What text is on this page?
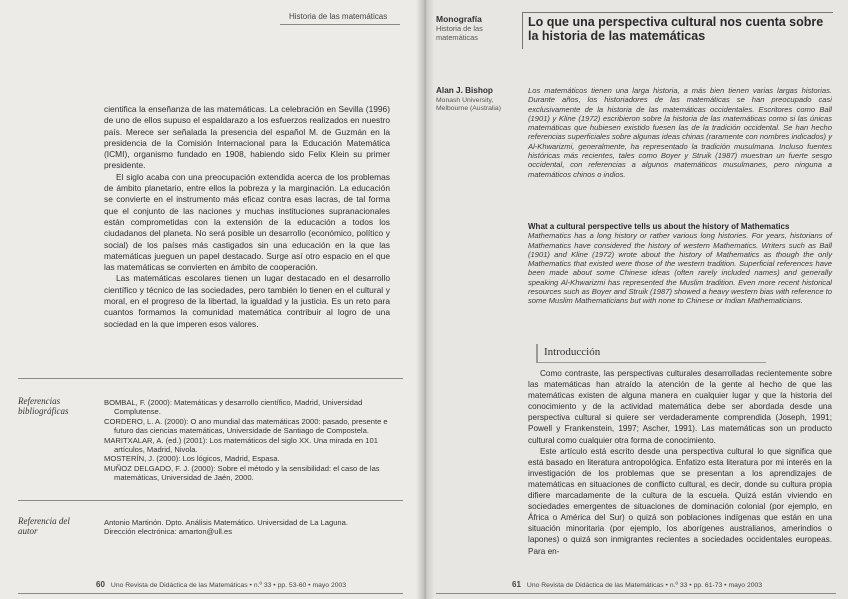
Historia de las matemáticas

cientifica la enseñanza de las matemáticas. La celebración en Sevilla (1996) de uno de ellos supuso el espaldarazo a los esfuerzos realizados en nuestro país. Merece ser señalada la presencia del español M. de Guzmán en la presidencia de la Comisión Internacional para la Educación Matemática (ICMI), organismo fundado en 1908, habiendo sido Felix Klein su primer presidente.

El siglo acaba con una preocupación extendida acerca de los problemas de ámbito planetario, entre ellos la pobreza y la marginación. La educación se convierte en el instrumento más eficaz contra esas lacras, de tal forma que el conjunto de las naciones y muchas instituciones supranacionales están comprometidas con la extensión de la educación a todos los ciudadanos del planeta. No será posible un desarrollo (económico, político y social) de los países más castigados sin una educación en la que las matemáticas jueguen un papel destacado. Surge así otro espacio en el que las matemáticas se convierten en ámbito de cooperación.

Las matemáticas escolares tienen un lugar destacado en el desarrollo científico y técnico de las sociedades, pero también lo tienen en el cultural y moral, en el progreso de la libertad, la igualdad y la justicia. Es un reto para cuantos formamos la comunidad matemática contribuir al logro de una sociedad en la que imperen esos valores.

Referencias bibliográficas

BOMBAL, F. (2000): Matemáticas y desarrollo científico, Madrid, Universidad Complutense.

CORDERO, L. A. (2000): O ano mundial das matemáticas 2000: pasado, presente e futuro das ciencias matemáticas, Universidade de Santiago de Compostela.

MARITXALAR, A. (ed.) (2001): Los matemáticos del siglo XX. Una mirada en 101 artículos, Madrid, Nivola.

MOSTERÍN, J. (2000): Los lógicos, Madrid, Espasa.

MUÑOZ DELGADO, F. J. (2000): Sobre el método y la sensibilidad: el caso de las matemáticas, Universidad de Jaén, 2000.

Referencia del autor

Antonio Martinón. Dpto. Análisis Matemático. Universidad de La Laguna.

Dirección electrónica: amarton@ull.es

60 Uno Revista de Didáctica de las Matemáticas • n.º 33 • pp. 53-60 • mayo 2003
Monografía
Historia de las matemáticas
Lo que una perspectiva cultural nos cuenta sobre la historia de las matemáticas
Alan J. Bishop
Monash University, Melbourne (Australia)
Los matemáticos tienen una larga historia, a más bien tienen varias largas historias. Durante años, los historiadores de las matemáticas se han preocupado casi exclusivamente de la historia de las matemáticas occidentales. Escritores como Ball (1901) y Kline (1972) escribieron sobre la historia de las matemáticas como si las únicas matemáticas que hubiesen existido fuesen las de la tradición occidental. Se han hecho referencias superficiales sobre algunas ideas chinas (raramente con nombres indicados) y Al-Khwarizmi, generalmente, ha representado la tradición musulmana. Incluso fuentes históricas más recientes, tales como Boyer y Struik (1987) muestran un fuerte sesgo occidental, con referencias a algunos matemáticos musulmanes, pero ninguna a matemáticos chinos o indios.
What a cultural perspective tells us about the history of Mathematics
Mathematics has a long history or rather various long histories. For years, historians of Mathematics have considered the history of western Mathematics. Writers such as Ball (1901) and Kline (1972) wrote about the history of Mathematics as though the only Mathematics that existed were those of the western tradition. Superficial references have been made about some Chinese ideas (often rarely included names) and generally speaking Al-Khwarizmi has represented the Muslim tradition. Even more recent historical resources such as Boyer and Struik (1987) showed a heavy western bias with reference to some Muslim Mathematicians but with none to Chinese or Indian Mathematicians.
Introducción

Como contraste, las perspectivas culturales desarrolladas recientemente sobre las matemáticas han atraído la atención de la gente al hecho de que las matemáticas existen de alguna manera en cualquier lugar y que la historia del conocimiento y de la actividad matemática debe ser abordada desde una perspectiva cultural si quiere ser verdaderamente comprendida (Joseph, 1991; Powell y Frankenstein, 1997; Ascher, 1991). Las matemáticas son un producto cultural como cualquier otra forma de conocimiento.

Este artículo está escrito desde una perspectiva cultural lo que significa que está basado en literatura antropológica. Enfatizo esta literatura por mi interés en la investigación de los problemas que se presentan a los aprendizajes de matemáticas en situaciones de conflicto cultural, es decir, donde su cultura propia difiere marcadamente de la cultura de la escuela. Quizá están viviendo en sociedades emergentes de situaciones de dominación colonial (por ejemplo, en África o América del Sur) o quizá son poblaciones indígenas que están en una situación minoritaria (por ejemplo, los aborígenes australianos, amerindios o lapones) o quizá son inmigrantes recientes a sociedades occidentales europeas. Para en-

61 Uno Revista de Didáctica de las Matemáticas • n.º 33 • pp. 61-73 • mayo 2003
